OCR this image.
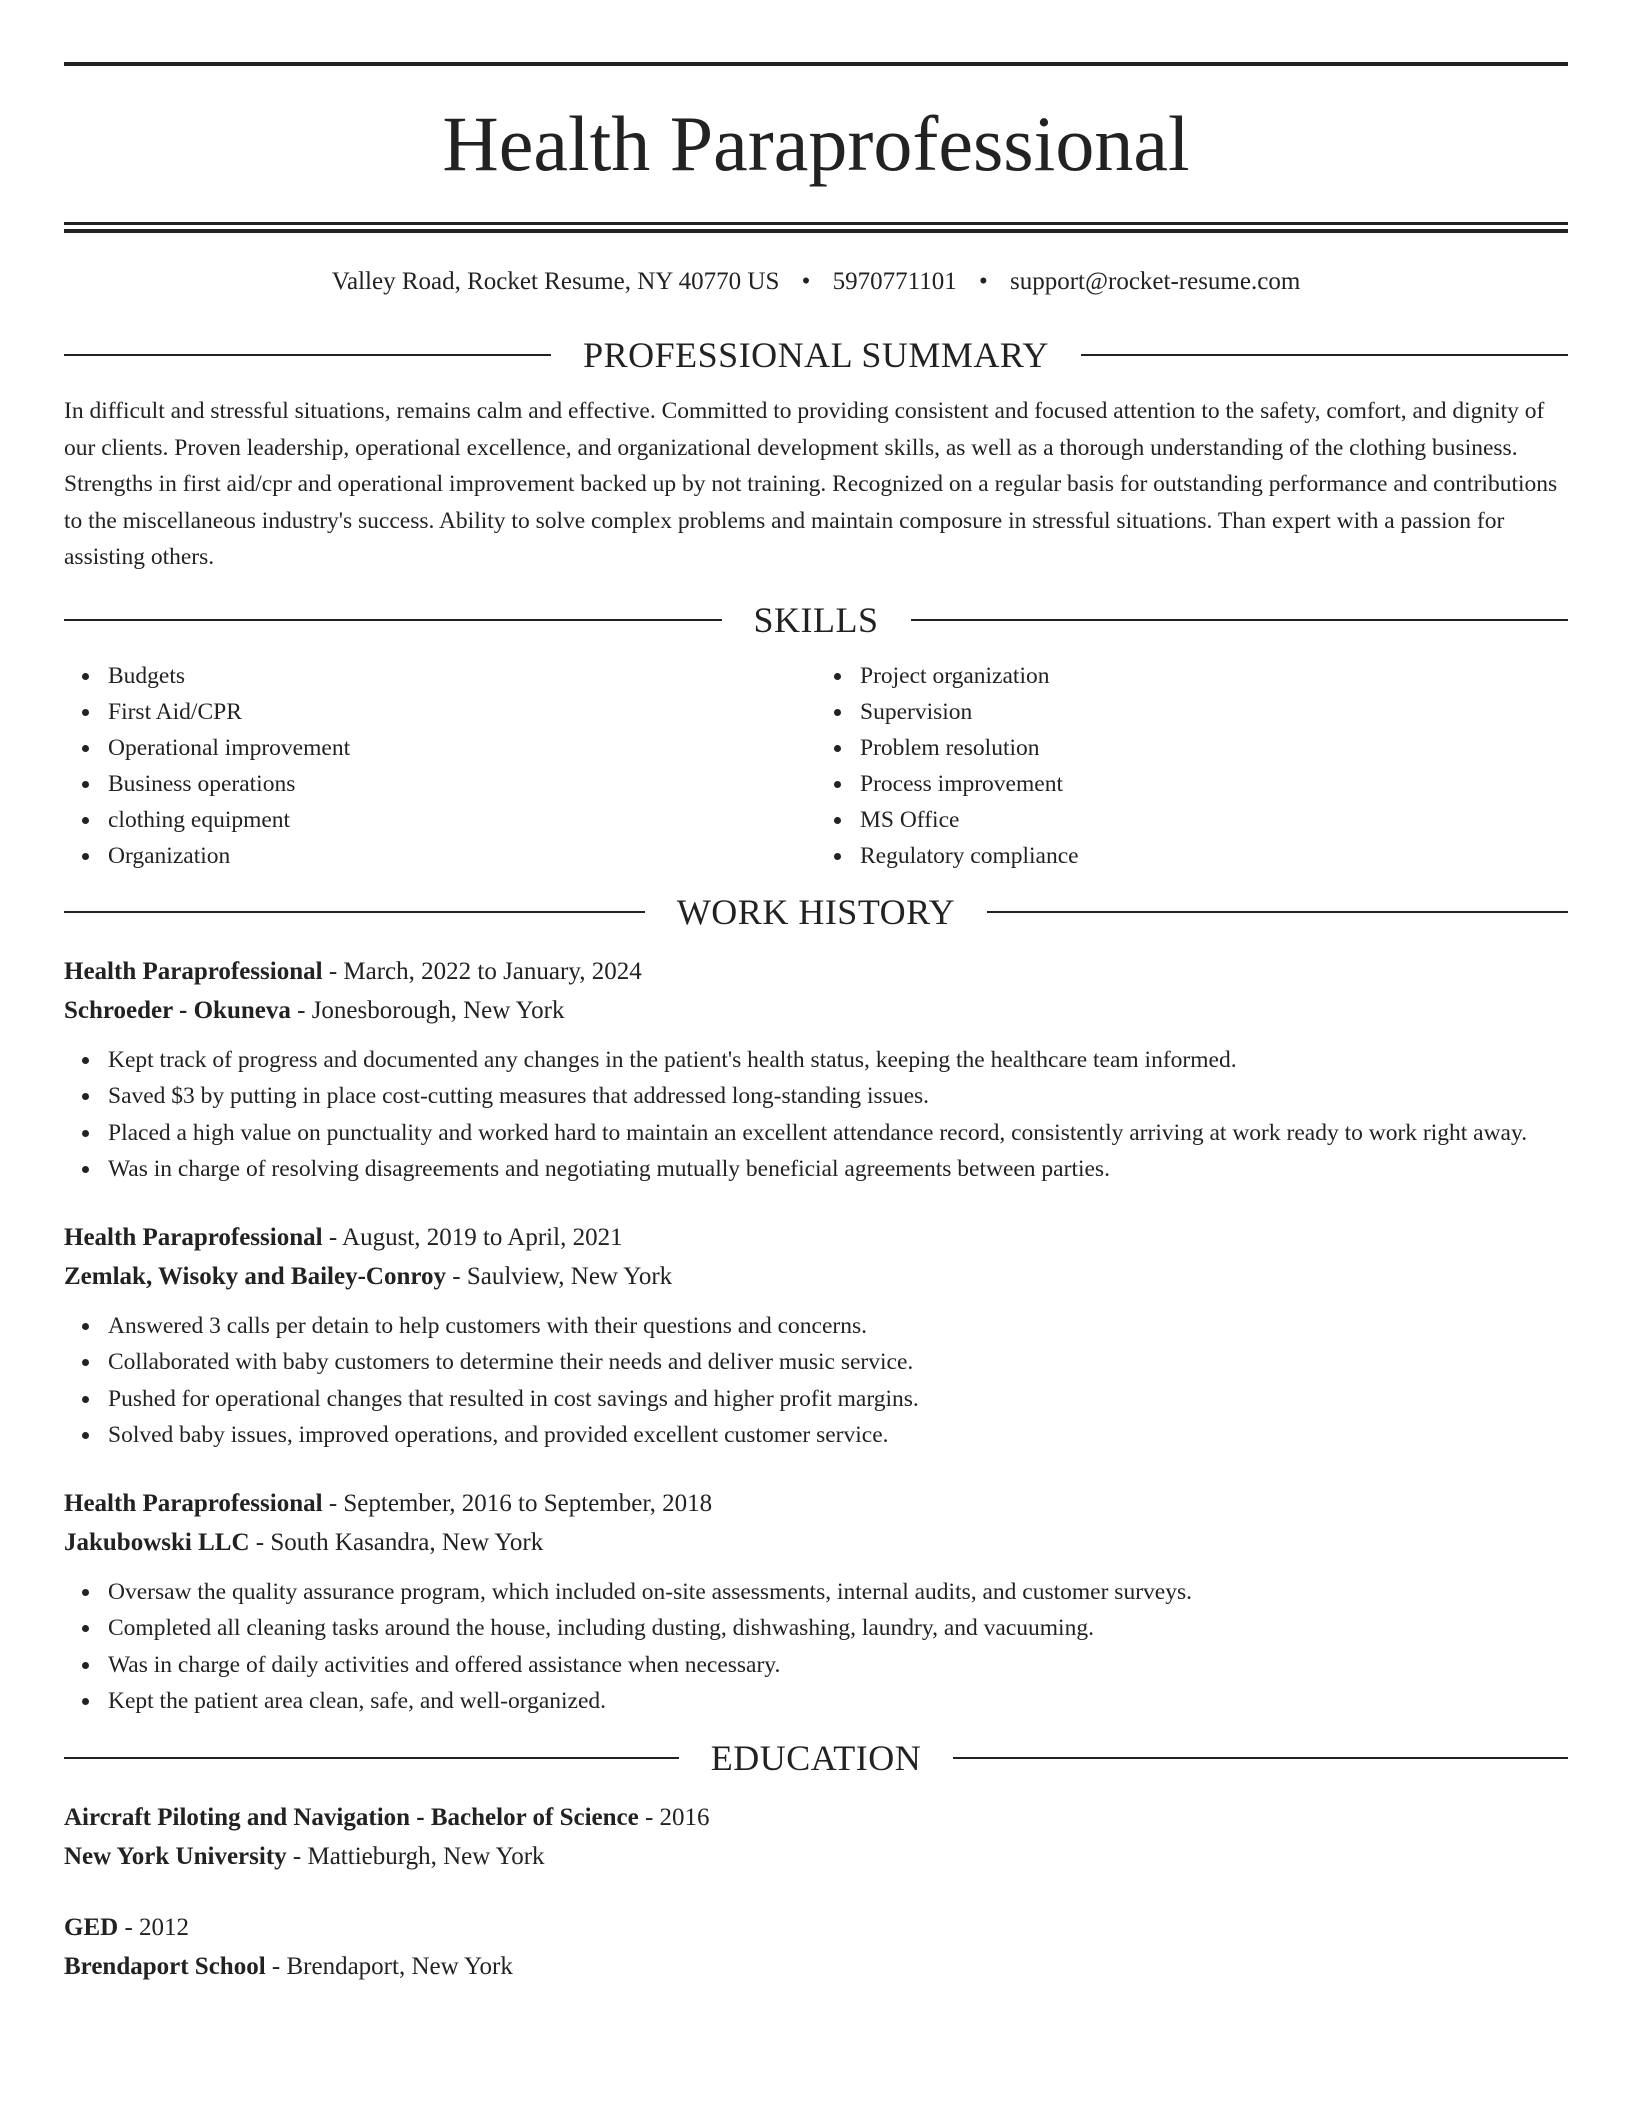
Health Paraprofessional
Valley Road, Rocket Resume, NY 40770 US • 5970771101 • support@rocket-resume.com
PROFESSIONAL SUMMARY

In difficult and stressful situations, remains calm and effective. Committed to providing consistent and focused attention to the safety, comfort, and dignity of our clients. Proven leadership, operational excellence, and organizational development skills, as well as a thorough understanding of the clothing business. Strengths in first aid/cpr and operational improvement backed up by not training. Recognized on a regular basis for outstanding performance and contributions to the miscellaneous industry's success. Ability to solve complex problems and maintain composure in stressful situations. Than expert with a passion for assisting others.

SKILLS
Budgets
First Aid/CPR
Operational improvement
Business operations
clothing equipment
Organization
Project organization
Supervision
Problem resolution
Process improvement
MS Office
Regulatory compliance
WORK HISTORY
Health Paraprofessional - March, 2022 to January, 2024
Schroeder - Okuneva - Jonesborough, New York
Kept track of progress and documented any changes in the patient's health status, keeping the healthcare team informed.
Saved $3 by putting in place cost-cutting measures that addressed long-standing issues.
Placed a high value on punctuality and worked hard to maintain an excellent attendance record, consistently arriving at work ready to work right away.
Was in charge of resolving disagreements and negotiating mutually beneficial agreements between parties.
Health Paraprofessional - August, 2019 to April, 2021
Zemlak, Wisoky and Bailey-Conroy - Saulview, New York
Answered 3 calls per detain to help customers with their questions and concerns.
Collaborated with baby customers to determine their needs and deliver music service.
Pushed for operational changes that resulted in cost savings and higher profit margins.
Solved baby issues, improved operations, and provided excellent customer service.
Health Paraprofessional - September, 2016 to September, 2018
Jakubowski LLC - South Kasandra, New York
Oversaw the quality assurance program, which included on-site assessments, internal audits, and customer surveys.
Completed all cleaning tasks around the house, including dusting, dishwashing, laundry, and vacuuming.
Was in charge of daily activities and offered assistance when necessary.
Kept the patient area clean, safe, and well-organized.
EDUCATION
Aircraft Piloting and Navigation - Bachelor of Science - 2016
New York University - Mattieburgh, New York
GED - 2012
Brendaport School - Brendaport, New York
